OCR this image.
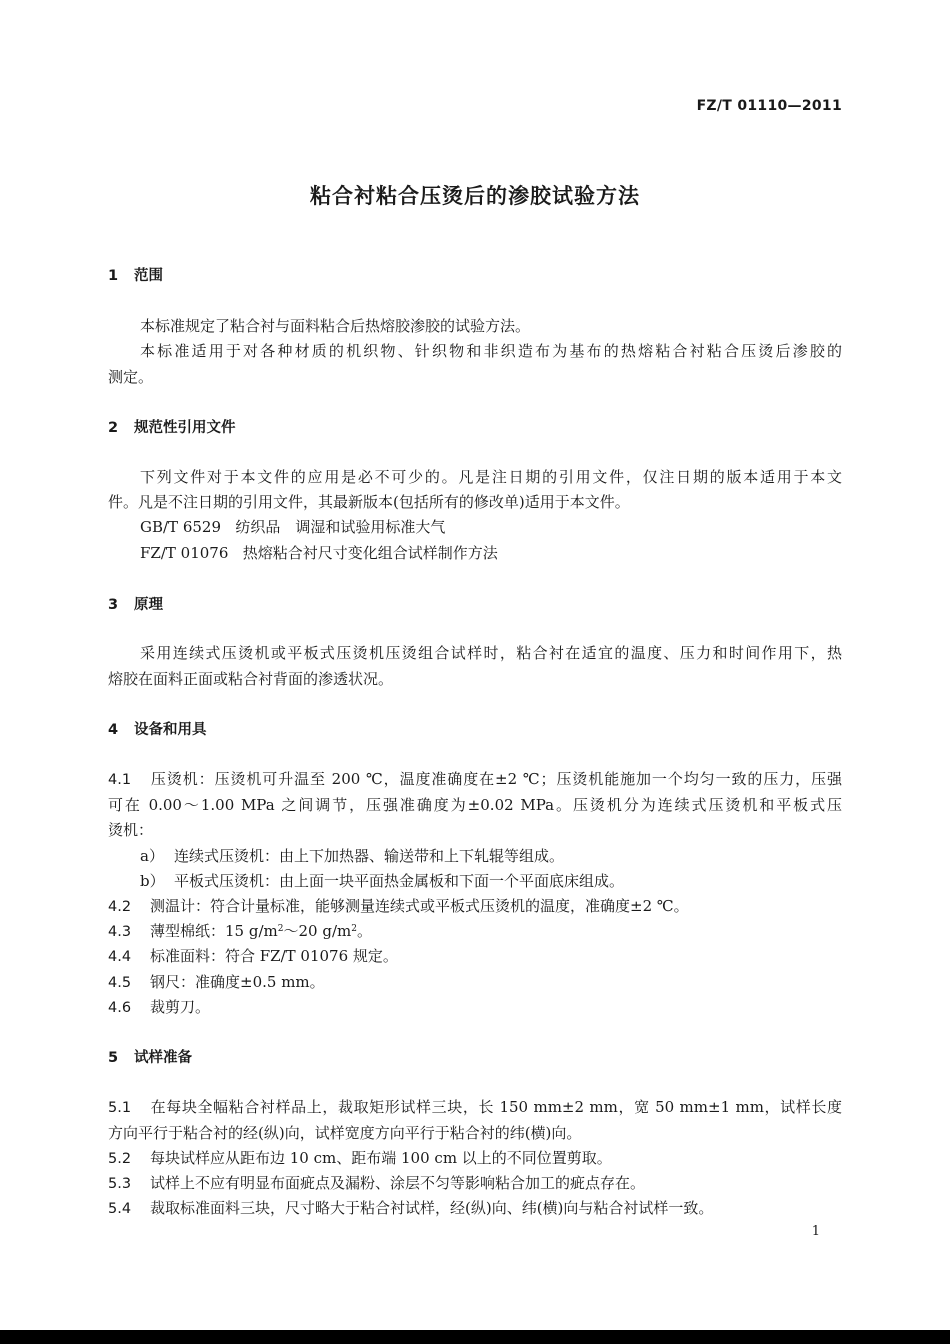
FZ/T 01110—2011
粘合衬粘合压烫后的渗胶试验方法
1 范围
本标准规定了粘合衬与面料粘合后热熔胶渗胶的试验方法。
本标准适用于对各种材质的机织物、针织物和非织造布为基布的热熔粘合衬粘合压烫后渗胶的
测定。
2 规范性引用文件
下列文件对于本文件的应用是必不可少的。凡是注日期的引用文件，仅注日期的版本适用于本文
件。凡是不注日期的引用文件，其最新版本(包括所有的修改单)适用于本文件。
GB/T 6529 纺织品　调湿和试验用标准大气
FZ/T 01076 热熔粘合衬尺寸变化组合试样制作方法
3 原理
采用连续式压烫机或平板式压烫机压烫组合试样时，粘合衬在适宜的温度、压力和时间作用下，热
熔胶在面料正面或粘合衬背面的渗透状况。
4 设备和用具
4.1 压烫机：压烫机可升温至 200 ℃，温度准确度在±2 ℃；压烫机能施加一个均匀一致的压力，压强
可在 0.00～1.00 MPa 之间调节，压强准确度为±0.02 MPa。压烫机分为连续式压烫机和平板式压
烫机：
a） 连续式压烫机：由上下加热器、输送带和上下轧辊等组成。
b） 平板式压烫机：由上面一块平面热金属板和下面一个平面底床组成。
4.2 测温计：符合计量标准，能够测量连续式或平板式压烫机的温度，准确度±2 ℃。
4.3 薄型棉纸：15 $g/m^2\sim 20$ $g/m^2$。
4.4 标准面料：符合 FZ/T 01076 规定。
4.5 钢尺：准确度±0.5 mm。
4.6 裁剪刀。
5 试样准备
5.1 在每块全幅粘合衬样品上，裁取矩形试样三块，长 150 mm±2 mm，宽 50 mm±1 mm，试样长度
方向平行于粘合衬的经(纵)向，试样宽度方向平行于粘合衬的纬(横)向。
5.2 每块试样应从距布边 10 cm、距布端 100 cm 以上的不同位置剪取。
5.3 试样上不应有明显布面疵点及漏粉、涂层不匀等影响粘合加工的疵点存在。
5.4 裁取标准面料三块，尺寸略大于粘合衬试样，经(纵)向、纬(横)向与粘合衬试样一致。
1
